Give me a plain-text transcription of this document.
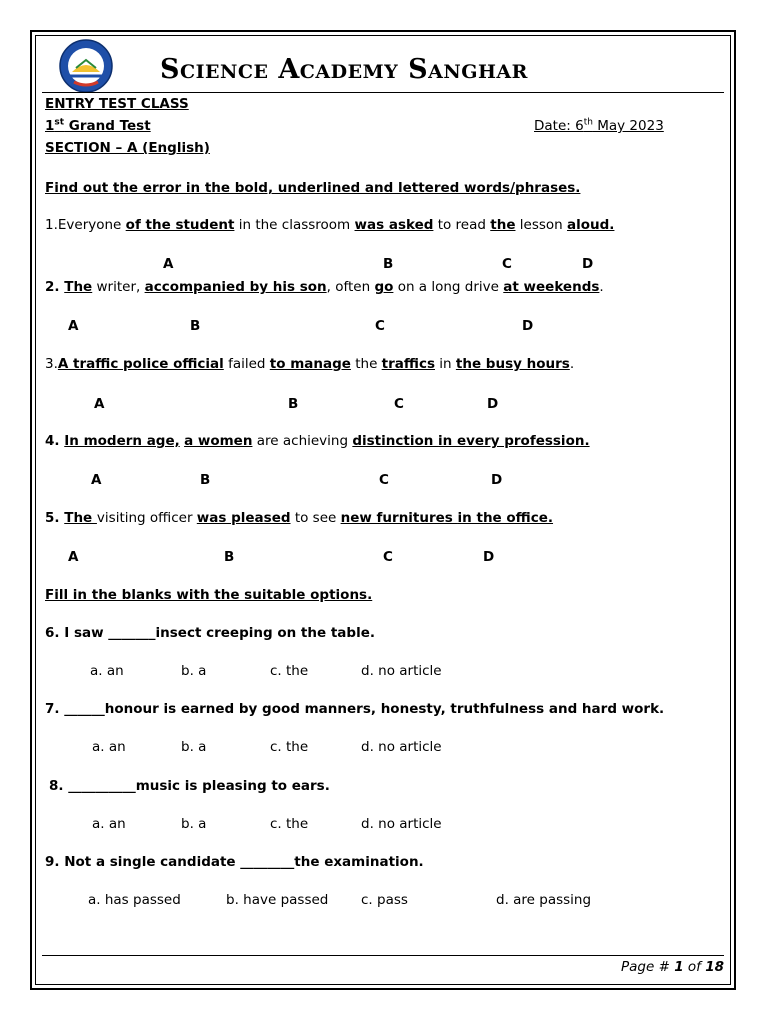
Science Academy Sanghar
ENTRY TEST CLASS
1st Grand Test	Date: 6th May 2023
SECTION – A (English)
Find out the error in the bold, underlined and lettered words/phrases.
1.Everyone of the student in the classroom was asked to read the lesson aloud.
A	B	C	D
2. The writer, accompanied by his son, often go on a long drive at weekends.
A	B	C	D
3.A traffic police official failed to manage the traffics in the busy hours.
A	B	C	D
4. In modern age, a women are achieving distinction in every profession.
A	B	C	D
5. The visiting officer was pleased to see new furnitures in the office.
A	B	C	D
Fill in the blanks with the suitable options.
6. I saw _______insect creeping on the table.
a. an	b. a	c. the	d. no article
7. ______honour is earned by good manners, honesty, truthfulness and hard work.
a. an	b. a	c. the	d. no article
8. __________music is pleasing to ears.
a. an	b. a	c. the	d. no article
9. Not a single candidate ________the examination.
a. has passed	b. have passed c. pass	d. are passing
Page # 1 of 18
